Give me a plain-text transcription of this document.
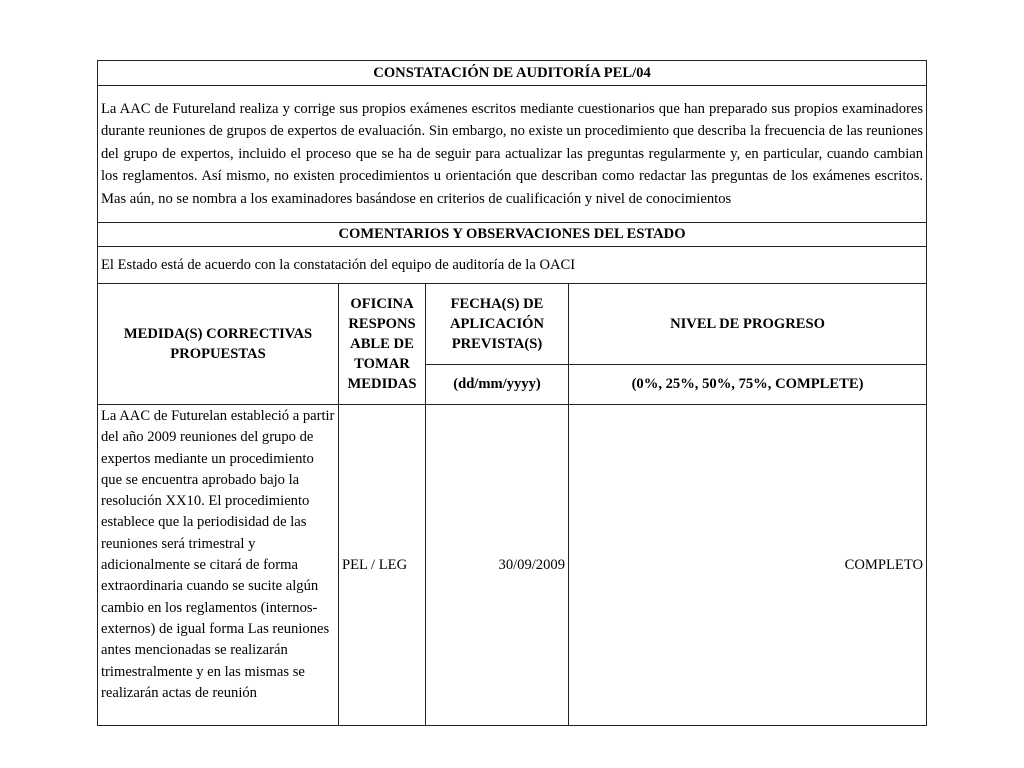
CONSTATACIÓN DE AUDITORÍA PEL/04			
La AAC de Futureland realiza y corrige sus propios exámenes escritos mediante cuestionarios que han preparado sus propios examinadores durante reuniones de grupos de expertos de evaluación. Sin embargo, no existe un procedimiento que describa la frecuencia de las reuniones del grupo de expertos, incluido el proceso que se ha de seguir para actualizar las preguntas regularmente y, en particular, cuando cambian los reglamentos. Así mismo, no existen procedimientos u orientación que describan como redactar las preguntas de los exámenes escritos. Mas aún, no se nombra a los examinadores basándose en criterios de cualificación y nivel de conocimientos			
COMENTARIOS Y OBSERVACIONES DEL ESTADO			
El Estado está de acuerdo con la constatación del equipo de auditoría de la OACI			
MEDIDA(S) CORRECTIVAS PROPUESTAS	OFICINA RESPONS ABLE DE TOMAR MEDIDAS	FECHA(S) DE APLICACIÓN PREVISTA(S)	NIVEL DE PROGRESO
		(dd/mm/yyyy)	(0%, 25%, 50%, 75%, COMPLETE)
La AAC de Futurelan estableció a partir del año 2009 reuniones del grupo de expertos mediante un procedimiento que se encuentra aprobado bajo la resolución XX10. El procedimiento establece que la periodisidad de las reuniones será trimestral y adicionalmente se citará de forma extraordinaria cuando se sucite algún cambio en los reglamentos (internos- externos) de igual forma Las reuniones antes mencionadas se realizarán trimestralmente y en las mismas se realizarán actas de reunión	PEL / LEG	30/09/2009	COMPLETO
